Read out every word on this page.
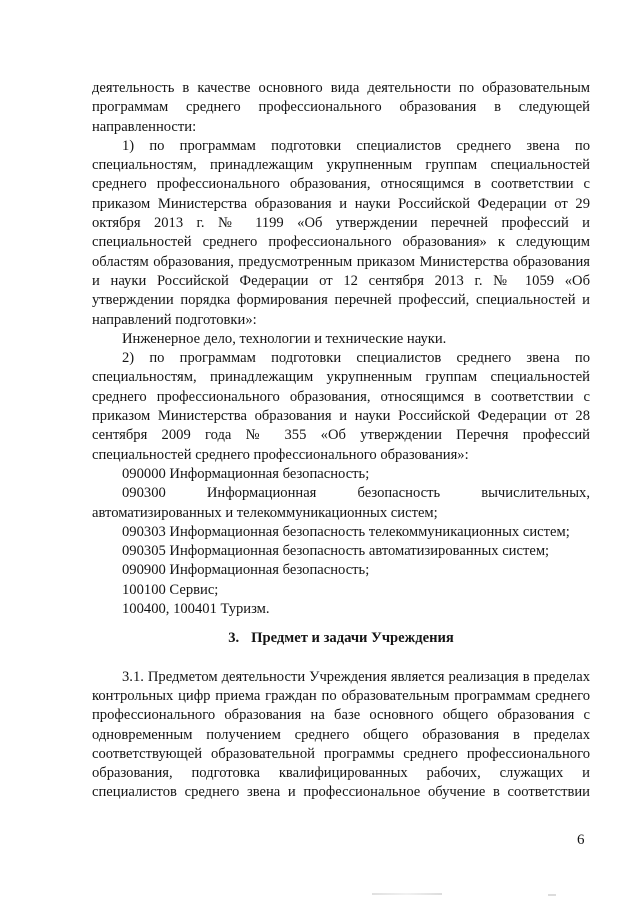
деятельность в качестве основного вида деятельности по образовательным программам среднего профессионального образования в следующей направленности:

1) по программам подготовки специалистов среднего звена по специальностям, принадлежащим укрупненным группам специальностей среднего профессионального образования, относящимся в соответствии с приказом Министерства образования и науки Российской Федерации от 29 октября 2013 г. № 1199 «Об утверждении перечней профессий и специальностей среднего профессионального образования» к следующим областям образования, предусмотренным приказом Министерства образования и науки Российской Федерации от 12 сентября 2013 г. № 1059 «Об утверждении порядка формирования перечней профессий, специальностей и направлений подготовки»:

Инженерное дело, технологии и технические науки.

2) по программам подготовки специалистов среднего звена по специальностям, принадлежащим укрупненным группам специальностей среднего профессионального образования, относящимся в соответствии с приказом Министерства образования и науки Российской Федерации от 28 сентября 2009 года № 355 «Об утверждении Перечня профессий специальностей среднего профессионального образования»:

090000 Информационная безопасность;

090300	Информационная	безопасность	вычислительных,

автоматизированных и телекоммуникационных систем;

090303 Информационная безопасность телекоммуникационных систем;

090305 Информационная безопасность автоматизированных систем;

090900 Информационная безопасность;

100100 Сервис;

100400, 100401 Туризм.

3. Предмет и задачи Учреждения

3.1. Предметом деятельности Учреждения является реализация в пределах контрольных цифр приема граждан по образовательным программам среднего профессионального образования на базе основного общего образования с одновременным получением среднего общего образования в пределах соответствующей образовательной программы среднего профессионального образования, подготовка квалифицированных рабочих, служащих и специалистов среднего звена и профессиональное обучение в соответствии

6
